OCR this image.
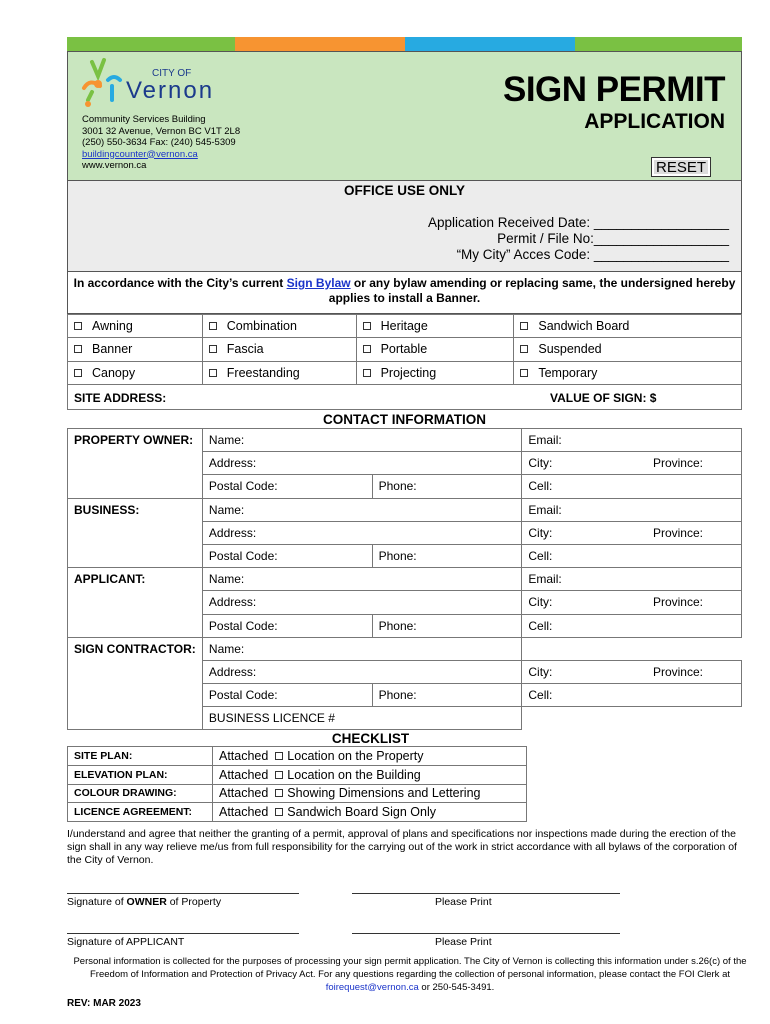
CITY OF
Vernon
Community Services Building
3001 32 Avenue, Vernon BC V1T 2L8
(250) 550-3634 Fax: (240) 545-5309
buildingcounter@vernon.ca
www.vernon.ca
SIGN PERMIT
APPLICATION
RESET
OFFICE USE ONLY
Application Received Date: __________________
Permit / File No:__________________
“My City” Acces Code: __________________
In accordance with the City’s current Sign Bylaw or any bylaw amending or replacing same, the undersigned hereby applies to install a Banner.
Awning	Combination	Heritage	Sandwich Board
Banner	Fascia	Portable	Suspended
Canopy	Freestanding	Projecting	Temporary
SITE ADDRESS:	VALUE OF SIGN: $
CONTACT INFORMATION
PROPERTY OWNER:	Name:		Email:
	Address:		City: Province:

	Postal Code:	Phone:	Cell:
BUSINESS:	Name:		Email:
	Address:		City: Province:

	Postal Code:	Phone:	Cell:
APPLICANT:	Name:		Email:
	Address:		City: Province:

	Postal Code:	Phone:	Cell:
SIGN CONTRACTOR:	Name:		
	Address:		City: Province:

	Postal Code:	Phone:	Cell:
	BUSINESS LICENCE #		
CHECKLIST
SITE PLAN:	Attached Location on the Property
ELEVATION PLAN:	Attached Location on the Building
COLOUR DRAWING:	Attached Showing Dimensions and Lettering
LICENCE AGREEMENT:	Attached Sandwich Board Sign Only
I/understand and agree that neither the granting of a permit, approval of plans and specifications nor inspections made during the erection of the sign shall in any way relieve me/us from full responsibility for the carrying out of the work in strict accordance with all bylaws of the corporation of the City of Vernon.
Signature of OWNER of Property	Please Print
Signature of APPLICANT	Please Print
Personal information is collected for the purposes of processing your sign permit application. The City of Vernon is collecting this information under s.26(c) of the Freedom of Information and Protection of Privacy Act. For any questions regarding the collection of personal information, please contact the FOI Clerk at foirequest@vernon.ca or 250-545-3491.
REV: MAR 2023
